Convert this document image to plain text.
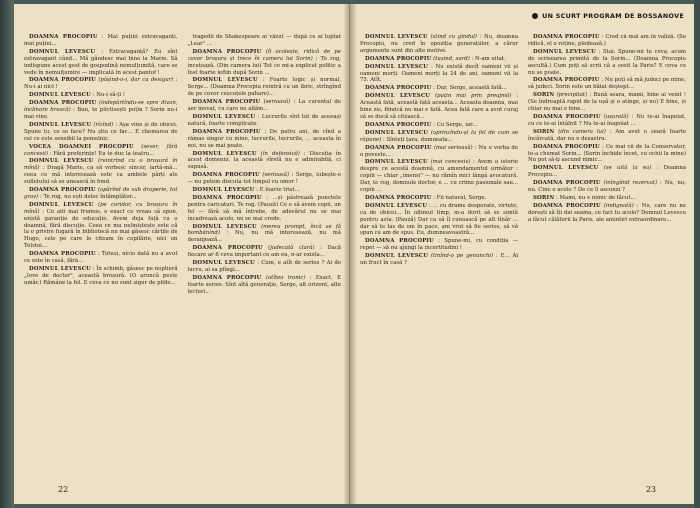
DOAMNA PROCOPIU : Mai puțini extravaganți, mai puțini...

DOMNUL LEVESCU : Extravaganță? Eu sînt extravagant când... Mă gândesc mai bine la Marie. Să indispune acest gest de gospodină nemulțumită, care se vede în nemulțumire — implicată în acest pantof !

DOAMNA PROCOPIU (pășind-o-i, dar ca desigur) : Nu-i ai nici !

DOMNUL LEVESCU : Nu-i să-ți !

DOAMNA PROCOPIU (indepărtîndu-se spre divan, înclinare bruscă) : Bun, te plictisești puțin ? Sorin nu-i mai vine.

DOMNUL LEVESCU (rîzînd) : Așa vine și de obicei. Spune tu, ce se face? Nu știu ce fac... E chemarea de cel ce este sensibil la pomelnic.

VOCEA DOAMNEI PROCOPIU (sever, fără concesii) : Fără preferințe! Eu te duc la teatru...

DOMNUL LEVESCU (reintrînd cu o broșură în mînă) : Dragă Marie, ca să vorbesc sincer, iartă-mă... ceea ce mă interesează este ca ambele părți ale sufletului să se unească în fond.

DOAMNA PROCOPIU (apărînd de sub draperie, tot grav) : Te rog, nu ești deloc întâmplător...

DOMNUL LEVESCU (pe coridor, cu broșura în mînă) : Cu aiti mai frumos, e exact ce vreau să spun, există garanție de educație. Avem deja față cu o doamnă, fără discuție. Ceea ce ma neliniștește este că la o privire fugară în bibliotecă nu mai găsesc cărțile de Hugo, cele pe care le citeam în copilărie, nici un Tolstoi...

DOAMNA PROCOPIU : Totuși, nicio dată nu a avut ce este în casă, fără...

DOMNUL LEVESCU : În schimb, găsesc pe noptieră „Iove de doctor", această broșură. (O aruncă peste umăr.) Rămâne la fel. E ceva ce nu sunt sigur de pilde...

tragedii de Shakespeare ai văzut — după ce ai luptat „Lear" ...

DOAMNA PROCOPIU (îl ocolește, ridică de pe covor broșura și trece în camera lui Sorin) : Te rog, încetează. (Din camera lui) Tot ce mi-a explicat politic a fost foarte ieftin după Sorin ...

DOMNUL LEVESCU : Foarte logic și normal, Serge... (Doamna Procopiu reintră cu un ibric, strîngînd de pe covor ceșcuțele pahare)...

DOAMNA PROCOPIU (serioasă) : La curentul de aer inovat, cu care ne aflăm...

DOMNUL LEVESCU : Lucrurile sînt tot de aceeași natură, foarte complicate.

DOAMNA PROCOPIU : De patru ani, de cînd a rămas singur cu mine, lucrurile, lucrurile, ... aceasta în noi, nu se mai poate.

DOMNUL LEVESCU (în defensivă) : Discuția în acest domeniu, la această vîrstă nu e admirabilă, ci supusă.

DOAMNA PROCOPIU (serioasă) : Serge, iubește-o — nu putem discuta tot timpul cu omor !

DOMNUL LEVESCU : E foarte trist...

DOAMNA PROCOPIU : ...și păstrează punctele pentru caricaturi. Te rog. (Pauză) Ce e să avem copii, un fel — fără să mă întrebe, de adevărul nu se mai încadrează acolo, nu se mai crede.

DOMNUL LEVESCU (mereu prompt, încă se fă bombănind) : Nu, nu mă interesează, nu mă deranjează...

DOAMNA PROCOPIU (judecată clară) : Dacă fiecare ar fi ceva important ce am eu, n-ar exista...

DOMNUL LEVESCU : Cum, e atît de serios ? Ai de lucru, ai sa plîngi...

DOAMNA PROCOPIU (atîtea ironic) : Exact. E foarte serios. Sînt altă generație, Serge, alt orizont, alte lecturi...

22
UN SCURT PROGRAM DE BOSSANOVE

DOMNUL LEVESCU (stînd cu gîndul) : Nu, doamna Procopiu, nu cred în opoziția generațiilor, a căror argumente sunt din alte motive.

DOAMNA PROCOPIU (tușind, surd) : N-am uitat.

DOMNUL LEVESCU : Nu există decît oameni vii și oameni morți. Oameni morți la 24 de ani, oameni vii la 75. Atît.

DOAMNA PROCOPIU : Dar, Serge, această fată...

DOMNUL LEVESCU (puțin mai prin preajmă) : Această fată, această fată aceasta... Aceasta doamna, mai bine zis, fiindcă nu mai e fată. Acea fată care a avut curaj să se ducă să citească...

DOAMNA PROCOPIU : Cu Serge, iar...

DOMNUL LEVESCU (aprinzîndu-și la fel de cum se răpune) : Sînteți țara, dumneata...

DOAMNA PROCOPIU (mai serioasă) : Nu e vorba de o poveste...

DOMNUL LEVESCU (mai concesiv) : Avem o istorie despre ce acestă doamnă, cu amendamentul următor : copiii — chiar „imensi" — nu rămîn mici lângă avocatură. Dar, te rog, domnule doctor, e ... cu crime pasionale sau... copiii ...

DOAMNA PROCOPIU : Fii natural, Serge.

DOMNUL LEVESCU : ... cu drame desperate, virtute, ca de obicei... În ultimul timp, m-a dorit să se simtă pentru asta. (Pauză) Dar ca să îl cunoască pe alt tînăr ... dar să te las de om în pace, am vrut să fie serios, să vă spun ce am de spus. Eu, dumneavoastră...

DOAMNA PROCOPIU : Spune-mi, cu condiția — repet — să nu ajungi la incertitudini !

DOMNUL LEVESCU (tinînd-o pe genunchi) : E... Ai un fruct în casă ?

DOAMNA PROCOPIU : Cred că mai am în valiză. (Se ridică, el o reține, pledează.)

DOMNUL LEVESCU : Stai. Spune-mi tu ceva, acum de scrisoarea primită de la Sorin... (Doamna Procopiu ascultă.) Cum poți să scrii că a sosit la Paris? E ceva ce nu se poate.

DOAMNA PROCOPIU : Nu poți să mă judeci pe mine, să judeci. Sorin este un băiat deștept...

SORIN (precipitat) : Bună seara, mami, bine ai venit ! (Se îndreaptă rapid de la ușă și o atinge, și nu) E bine, și chiar nu mai e bine...

DOAMNA PROCOPIU (ușurată) : Nu te-ai înapoiat, cu ce te-ai întâlnit ? Nu te-ai înapoiat ...

SORIN (din camera lui) : Am avut o seară foarte încărcată, dar nu e dezastru.

DOAMNA PROCOPIU : Ce mai vii de la Conservator, te-a chemat Sorin... (Sorin închide încet, cu ochii la mine) Nu pot să-ți ascund nimic...

DOMNUL LEVESCU (se uită la ea) : Doamna Procopiu...

DOAMNA PROCOPIU (mîngîind rezervat) : Nu, nu, nu. Cine e acolo ? De ce îl ascunzi ?

SORIN : Mami, nu e nimic de făcut...

DOAMNA PROCOPIU (indignată) : Nu, care nu ne dorești să îți dai seama, ce faci tu acolo? Domnul Levescu a făcut călătorii la Paris, ale amintiri extraordinare...

23
